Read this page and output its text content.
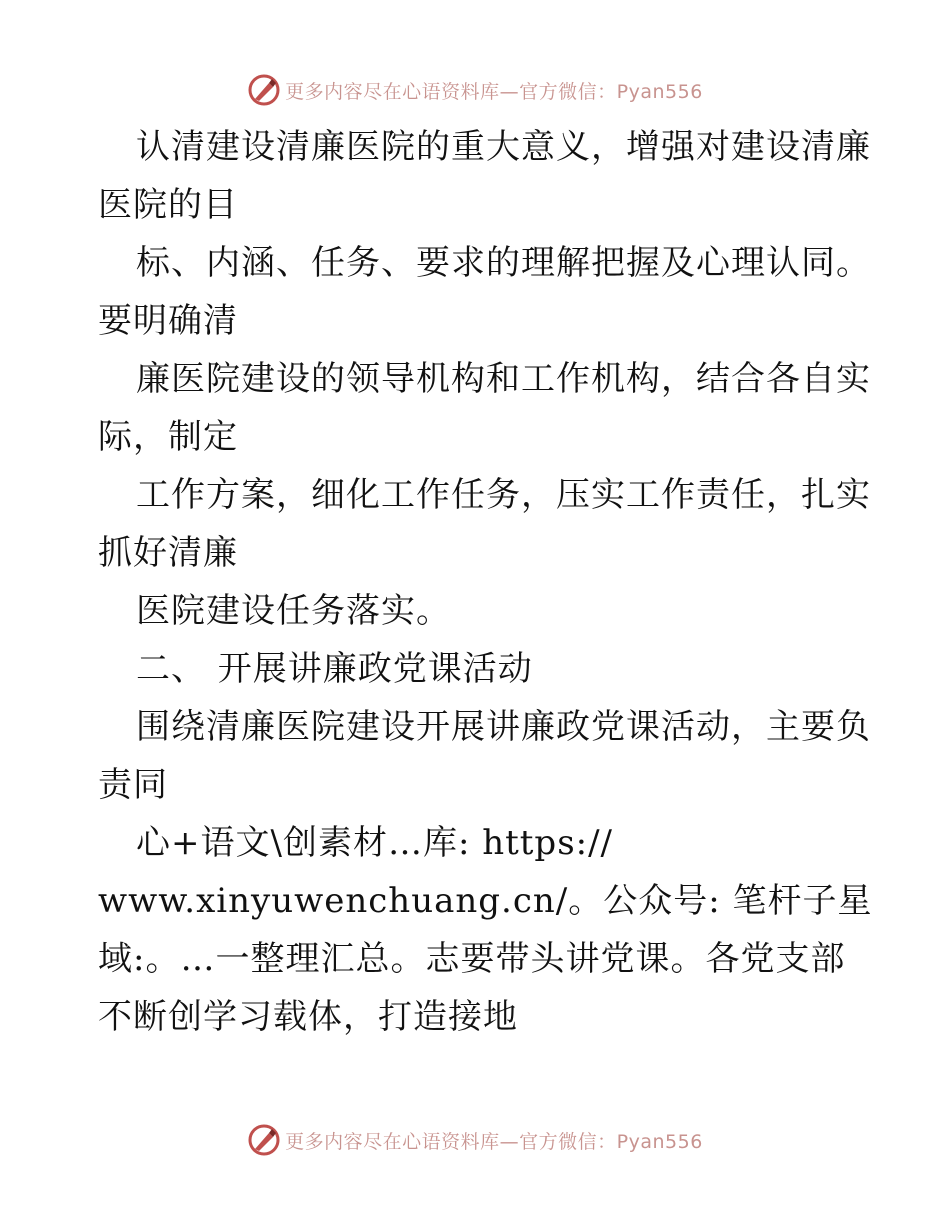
更多内容尽在心语资料库—官方微信：Pyan556
认清建设清廉医院的重大意义，增强对建设清廉
医院的目
标、内涵、任务、要求的理解把握及心理认同。
要明确清
廉医院建设的领导机构和工作机构，结合各自实
际，制定
工作方案，细化工作任务，压实工作责任，扎实
抓好清廉
医院建设任务落实。
二、 开展讲廉政党课活动
围绕清廉医院建设开展讲廉政党课活动，主要负
责同
心+语文\创素材…库: https://
www.xinyuwenchuang.cn/。公众号: 笔杆子星
域:。…一整理汇总。志要带头讲党课。各党支部
不断创学习载体，打造接地
更多内容尽在心语资料库—官方微信：Pyan556
